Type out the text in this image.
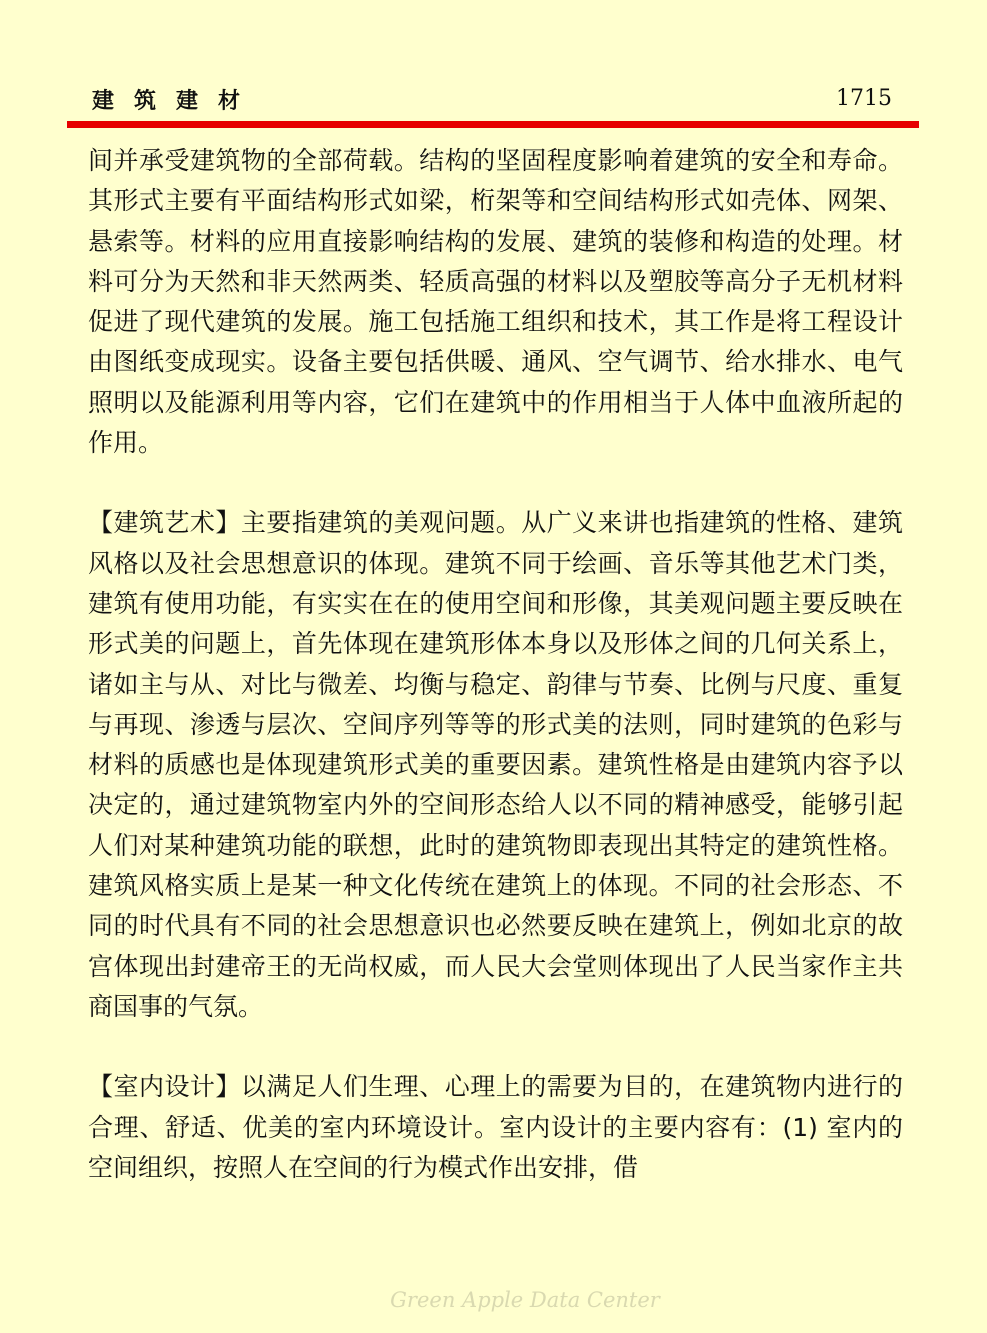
建筑建材	1715

间并承受建筑物的全部荷载。结构的坚固程度影响着建筑的安全和寿命。其形式主要有平面结构形式如梁，桁架等和空间结构形式如壳体、网架、悬索等。材料的应用直接影响结构的发展、建筑的装修和构造的处理。材料可分为天然和非天然两类、轻质高强的材料以及塑胶等高分子无机材料促进了现代建筑的发展。施工包括施工组织和技术，其工作是将工程设计由图纸变成现实。设备主要包括供暖、通风、空气调节、给水排水、电气照明以及能源利用等内容，它们在建筑中的作用相当于人体中血液所起的作用。

【建筑艺术】主要指建筑的美观问题。从广义来讲也指建筑的性格、建筑风格以及社会思想意识的体现。建筑不同于绘画、音乐等其他艺术门类，建筑有使用功能，有实实在在的使用空间和形像，其美观问题主要反映在形式美的问题上，首先体现在建筑形体本身以及形体之间的几何关系上，诸如主与从、对比与微差、均衡与稳定、韵律与节奏、比例与尺度、重复与再现、渗透与层次、空间序列等等的形式美的法则，同时建筑的色彩与材料的质感也是体现建筑形式美的重要因素。建筑性格是由建筑内容予以决定的，通过建筑物室内外的空间形态给人以不同的精神感受，能够引起人们对某种建筑功能的联想，此时的建筑物即表现出其特定的建筑性格。建筑风格实质上是某一种文化传统在建筑上的体现。不同的社会形态、不同的时代具有不同的社会思想意识也必然要反映在建筑上，例如北京的故宫体现出封建帝王的无尚权威，而人民大会堂则体现出了人民当家作主共商国事的气氛。

【室内设计】以满足人们生理、心理上的需要为目的，在建筑物内进行的合理、舒适、优美的室内环境设计。室内设计的主要内容有：(1) 室内的空间组织，按照人在空间的行为模式作出安排，借

Green Apple Data Center
